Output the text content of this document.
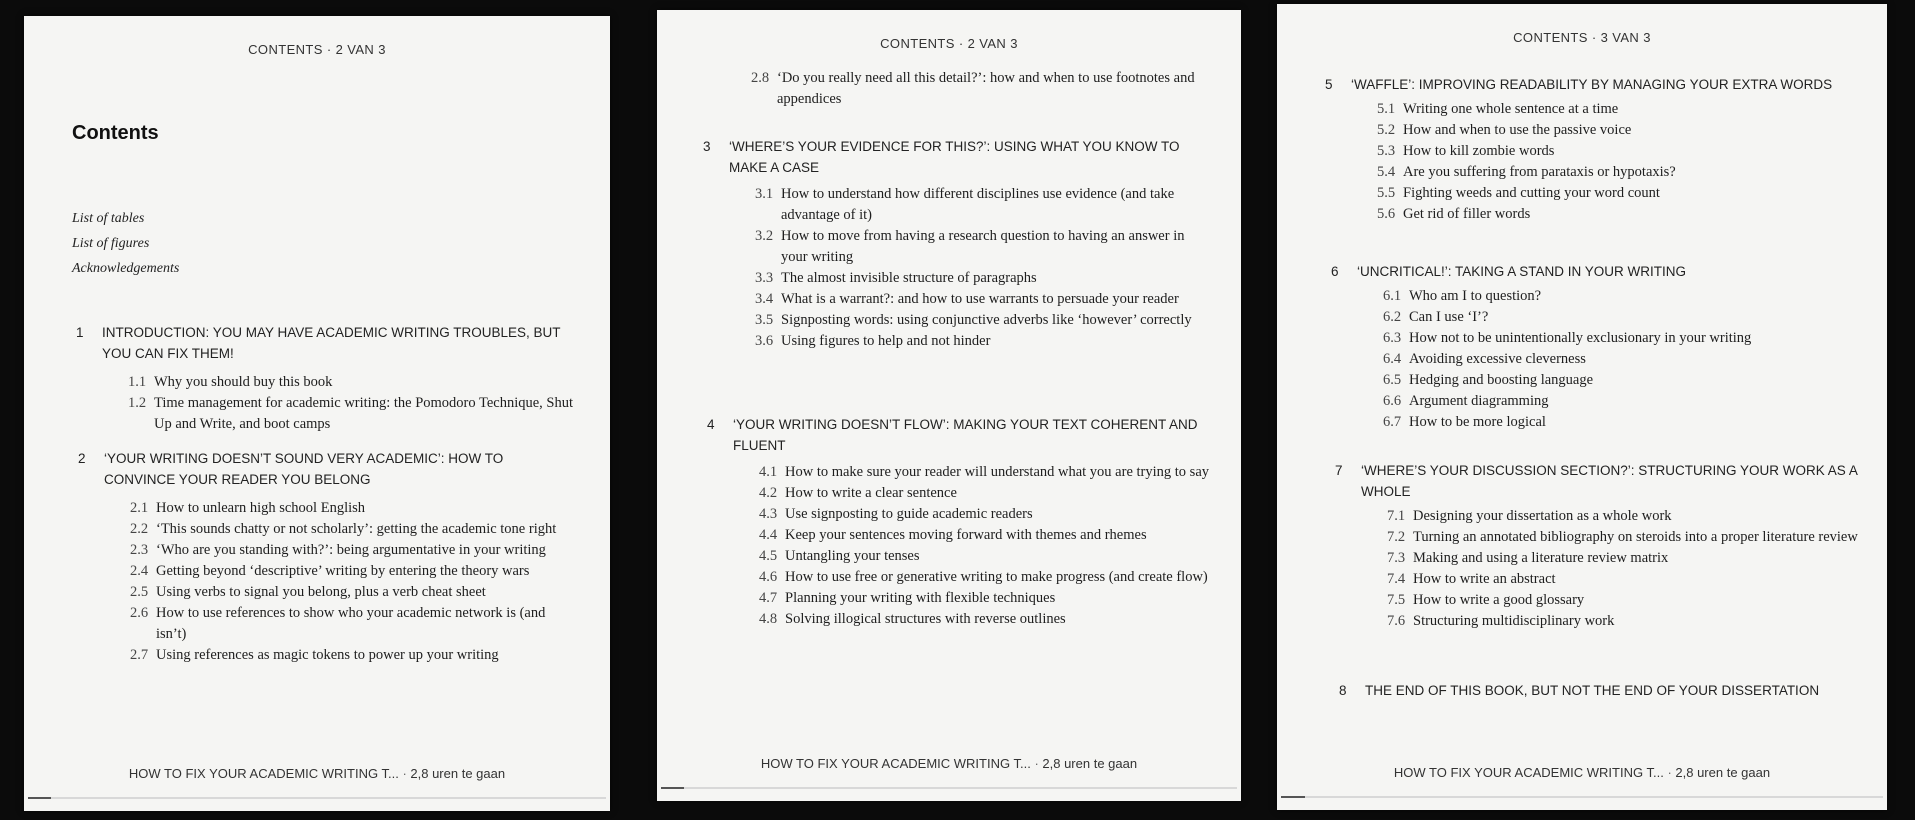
CONTENTS · 2 VAN 3
Contents
List of tables
List of figures
Acknowledgements
1	INTRODUCTION: YOU MAY HAVE ACADEMIC WRITING TROUBLES, BUT YOU CAN FIX THEM!
1.1 Why you should buy this book
1.2 Time management for academic writing: the Pomodoro Technique, Shut Up and Write, and boot camps
2	‘YOUR WRITING DOESN’T SOUND VERY ACADEMIC’: HOW TO CONVINCE YOUR READER YOU BELONG
2.1 How to unlearn high school English
2.2 ‘This sounds chatty or not scholarly’: getting the academic tone right
2.3 ‘Who are you standing with?’: being argumentative in your writing
2.4 Getting beyond ‘descriptive’ writing by entering the theory wars
2.5 Using verbs to signal you belong, plus a verb cheat sheet
2.6 How to use references to show who your academic network is (and isn’t)
2.7 Using references as magic tokens to power up your writing
HOW TO FIX YOUR ACADEMIC WRITING T... · 2,8 uren te gaan
CONTENTS · 2 VAN 3
2.8 ‘Do you really need all this detail?’: how and when to use footnotes and appendices
3	‘WHERE’S YOUR EVIDENCE FOR THIS?’: USING WHAT YOU KNOW TO MAKE A CASE
3.1 How to understand how different disciplines use evidence (and take advantage of it)
3.2 How to move from having a research question to having an answer in your writing
3.3 The almost invisible structure of paragraphs
3.4 What is a warrant?: and how to use warrants to persuade your reader
3.5 Signposting words: using conjunctive adverbs like ‘however’ correctly
3.6 Using figures to help and not hinder
4	‘YOUR WRITING DOESN’T FLOW’: MAKING YOUR TEXT COHERENT AND FLUENT
4.1 How to make sure your reader will understand what you are trying to say
4.2 How to write a clear sentence
4.3 Use signposting to guide academic readers
4.4 Keep your sentences moving forward with themes and rhemes
4.5 Untangling your tenses
4.6 How to use free or generative writing to make progress (and create flow)
4.7 Planning your writing with flexible techniques
4.8 Solving illogical structures with reverse outlines
HOW TO FIX YOUR ACADEMIC WRITING T... · 2,8 uren te gaan
CONTENTS · 3 VAN 3
5	‘WAFFLE’: IMPROVING READABILITY BY MANAGING YOUR EXTRA WORDS
5.1 Writing one whole sentence at a time
5.2 How and when to use the passive voice
5.3 How to kill zombie words
5.4 Are you suffering from parataxis or hypotaxis?
5.5 Fighting weeds and cutting your word count
5.6 Get rid of filler words
6	‘UNCRITICAL!’: TAKING A STAND IN YOUR WRITING
6.1 Who am I to question?
6.2 Can I use ‘I’?
6.3 How not to be unintentionally exclusionary in your writing
6.4 Avoiding excessive cleverness
6.5 Hedging and boosting language
6.6 Argument diagramming
6.7 How to be more logical
7	‘WHERE’S YOUR DISCUSSION SECTION?’: STRUCTURING YOUR WORK AS A WHOLE
7.1 Designing your dissertation as a whole work
7.2 Turning an annotated bibliography on steroids into a proper literature review
7.3 Making and using a literature review matrix
7.4 How to write an abstract
7.5 How to write a good glossary
7.6 Structuring multidisciplinary work
8	THE END OF THIS BOOK, BUT NOT THE END OF YOUR DISSERTATION
HOW TO FIX YOUR ACADEMIC WRITING T... · 2,8 uren te gaan
